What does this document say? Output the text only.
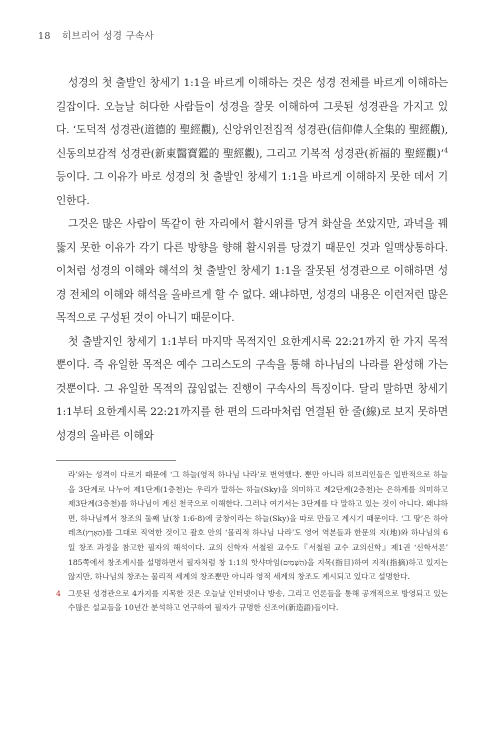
18 히브리어 성경 구속사

성경의 첫 출발인 창세기 1:1을 바르게 이해하는 것은 성경 전체를 바르게 이해하는 길잡이다. 오늘날 허다한 사람들이 성경을 잘못 이해하여 그릇된 성경관을 가지고 있다. ‘도덕적 성경관(道德的 聖經觀), 신앙위인전집적 성경관(信仰偉人全集的 聖經觀), 신동의보감적 성경관(新東醫寶鑑的 聖經觀), 그리고 기복적 성경관(祈福的 聖經觀)’$^4$ 등이다. 그 이유가 바로 성경의 첫 출발인 창세기 1:1을 바르게 이해하지 못한 데서 기인한다.

그것은 많은 사람이 똑같이 한 자리에서 활시위를 당겨 화살을 쏘았지만, 과녁을 꿰뚫지 못한 이유가 각기 다른 방향을 향해 활시위를 당겼기 때문인 것과 일맥상통하다. 이처럼 성경의 이해와 해석의 첫 출발인 창세기 1:1을 잘못된 성경관으로 이해하면 성경 전체의 이해와 해석을 올바르게 할 수 없다. 왜냐하면, 성경의 내용은 이런저런 많은 목적으로 구성된 것이 아니기 때문이다.

첫 출발지인 창세기 1:1부터 마지막 목적지인 요한계시록 22:21까지 한 가지 목적뿐이다. 즉 유일한 목적은 예수 그리스도의 구속을 통해 하나님의 나라를 완성해 가는 것뿐이다. 그 유일한 목적의 끊임없는 진행이 구속사의 특징이다. 달리 말하면 창세기 1:1부터 요한계시록 22:21까지를 한 편의 드라마처럼 연결된 한 줄(線)로 보지 못하면 성경의 올바른 이해와

라’와는 성격이 다르기 때문에 ‘그 하늘(영적 하나님 나라’로 번역했다. 뿐만 아니라 히브리인들은 일반적으로 하늘을 3단계로 나누어 제1단계(1층천)는 우리가 말하는 하늘(Sky)을 의미하고 제2단계(2층천)는 은하계를 의미하고 제3단계(3층천)를 하나님이 계신 천국으로 이해한다. 그러나 여기서는 3단계를 다 말하고 있는 것이 아니다. 왜냐하면, 하나님께서 창조의 둘째 날(창 1:6-8)에 궁창이라는 하늘(Sky)을 따로 만들고 계시기 때문이다. ‘그 땅’은 하아레츠(הָאָרֶץ)를 그대로 직역한 것이고 괄호 안의 ‘물리적 하나님 나라’도 영어 역본들과 한문의 지(地)와 하나님의 6일 창조 과정을 참고한 필자의 해석이다. 교의 신학자 서철원 교수도『서철원 교수 교의신학』제1권 ‘신학서론’ 185쪽에서 창조계시를 설명하면서 필자처럼 창 1:1의 핫샤마임(הַשָּׁמַיִם)을 지목(指目)하여 지적(指摘)하고 있지는 않지만, 하나님의 창조는 물리적 세계의 창조뿐만 아니라 영적 세계의 창조도 계시되고 있다고 설명한다.

4 그릇된 성경관으로 4가지를 지목한 것은 오늘날 인터넷이나 방송, 그리고 언론들을 통해 공개적으로 방영되고 있는 수많은 설교들을 10년간 분석하고 연구하여 필자가 규명한 신조어(新造語)들이다.
